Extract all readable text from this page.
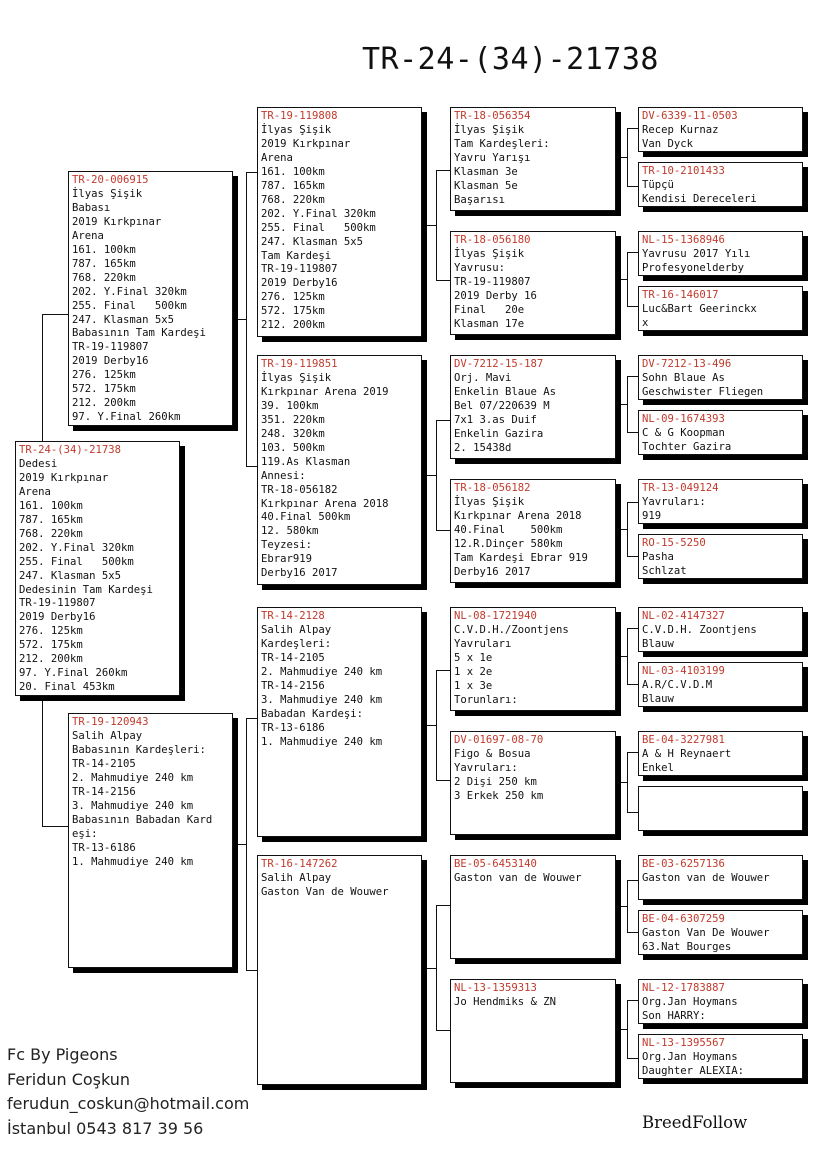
TR-24-(34)-21738
TR-24-(34)-21738
Dedesi
2019 Kırkpınar
Arena
161. 100km
787. 165km
768. 220km
202. Y.Final 320km
255. Final   500km
247. Klasman 5x5
Dedesinin Tam Kardeşi
TR-19-119807
2019 Derby16
276. 125km
572. 175km
212. 200km
97. Y.Final 260km
20. Final 453km
TR-20-006915
İlyas Şişik
Babası
2019 Kırkpınar
Arena
161. 100km
787. 165km
768. 220km
202. Y.Final 320km
255. Final   500km
247. Klasman 5x5
Babasının Tam Kardeşi
TR-19-119807
2019 Derby16
276. 125km
572. 175km
212. 200km
97. Y.Final 260km
TR-19-120943
Salih Alpay
Babasının Kardeşleri:
TR-14-2105
2. Mahmudiye 240 km
TR-14-2156
3. Mahmudiye 240 km
Babasının Babadan Kard
eşi:
TR-13-6186
1. Mahmudiye 240 km
TR-19-119808
İlyas Şişik
2019 Kırkpınar
Arena
161. 100km
787. 165km
768. 220km
202. Y.Final 320km
255. Final   500km
247. Klasman 5x5
Tam Kardeşi
TR-19-119807
2019 Derby16
276. 125km
572. 175km
212. 200km
TR-19-119851
İlyas Şişik
Kırkpınar Arena 2019
39. 100km
351. 220km
248. 320km
103. 500km
119.As Klasman
Annesi:
TR-18-056182
Kırkpınar Arena 2018
40.Final 500km
12. 580km
Teyzesi:
Ebrar919
Derby16 2017
TR-14-2128
Salih Alpay
Kardeşleri:
TR-14-2105
2. Mahmudiye 240 km
TR-14-2156
3. Mahmudiye 240 km
Babadan Kardeşi:
TR-13-6186
1. Mahmudiye 240 km
TR-16-147262
Salih Alpay
Gaston Van de Wouwer
TR-18-056354
İlyas Şişik
Tam Kardeşleri:
Yavru Yarışı
Klasman 3e
Klasman 5e
Başarısı
TR-18-056180
İlyas Şişik
Yavrusu:
TR-19-119807
2019 Derby 16
Final   20e
Klasman 17e
DV-7212-15-187
Orj. Mavi
Enkelin Blaue As
Bel 07/220639 M
7x1 3.as Duif
Enkelin Gazira
2. 15438d
TR-18-056182
İlyas Şişik
Kırkpınar Arena 2018
40.Final    500km
12.R.Dinçer 580km
Tam Kardeşi Ebrar 919
Derby16 2017
NL-08-1721940
C.V.D.H./Zoontjens
Yavruları
5 x 1e
1 x 2e
1 x 3e
Torunları:
DV-01697-08-70
Figo & Bosua
Yavruları:
2 Dişi 250 km
3 Erkek 250 km
BE-05-6453140
Gaston van de Wouwer
NL-13-1359313
Jo Hendmiks & ZN
DV-6339-11-0503
Recep Kurnaz
Van Dyck
TR-10-2101433
Tüpçü
Kendisi Dereceleri
NL-15-1368946
Yavrusu 2017 Yılı
Profesyonelderby
TR-16-146017
Luc&Bart Geerinckx
x
DV-7212-13-496
Sohn Blaue As
Geschwister Fliegen
NL-09-1674393
C & G Koopman
Tochter Gazira
TR-13-049124
Yavruları:
919
RO-15-5250
Pasha
Schlzat
NL-02-4147327
C.V.D.H. Zoontjens
Blauw
NL-03-4103199
A.R/C.V.D.M
Blauw
BE-04-3227981
A & H Reynaert
Enkel
BE-03-6257136
Gaston van de Wouwer
BE-04-6307259
Gaston Van De Wouwer
63.Nat Bourges
NL-12-1783887
Org.Jan Hoymans
Son HARRY:
NL-13-1395567
Org.Jan Hoymans
Daughter ALEXIA:
Fc By Pigeons
Feridun Coşkun
ferudun_coskun@hotmail.com
İstanbul 0543 817 39 56	BreedFollow
